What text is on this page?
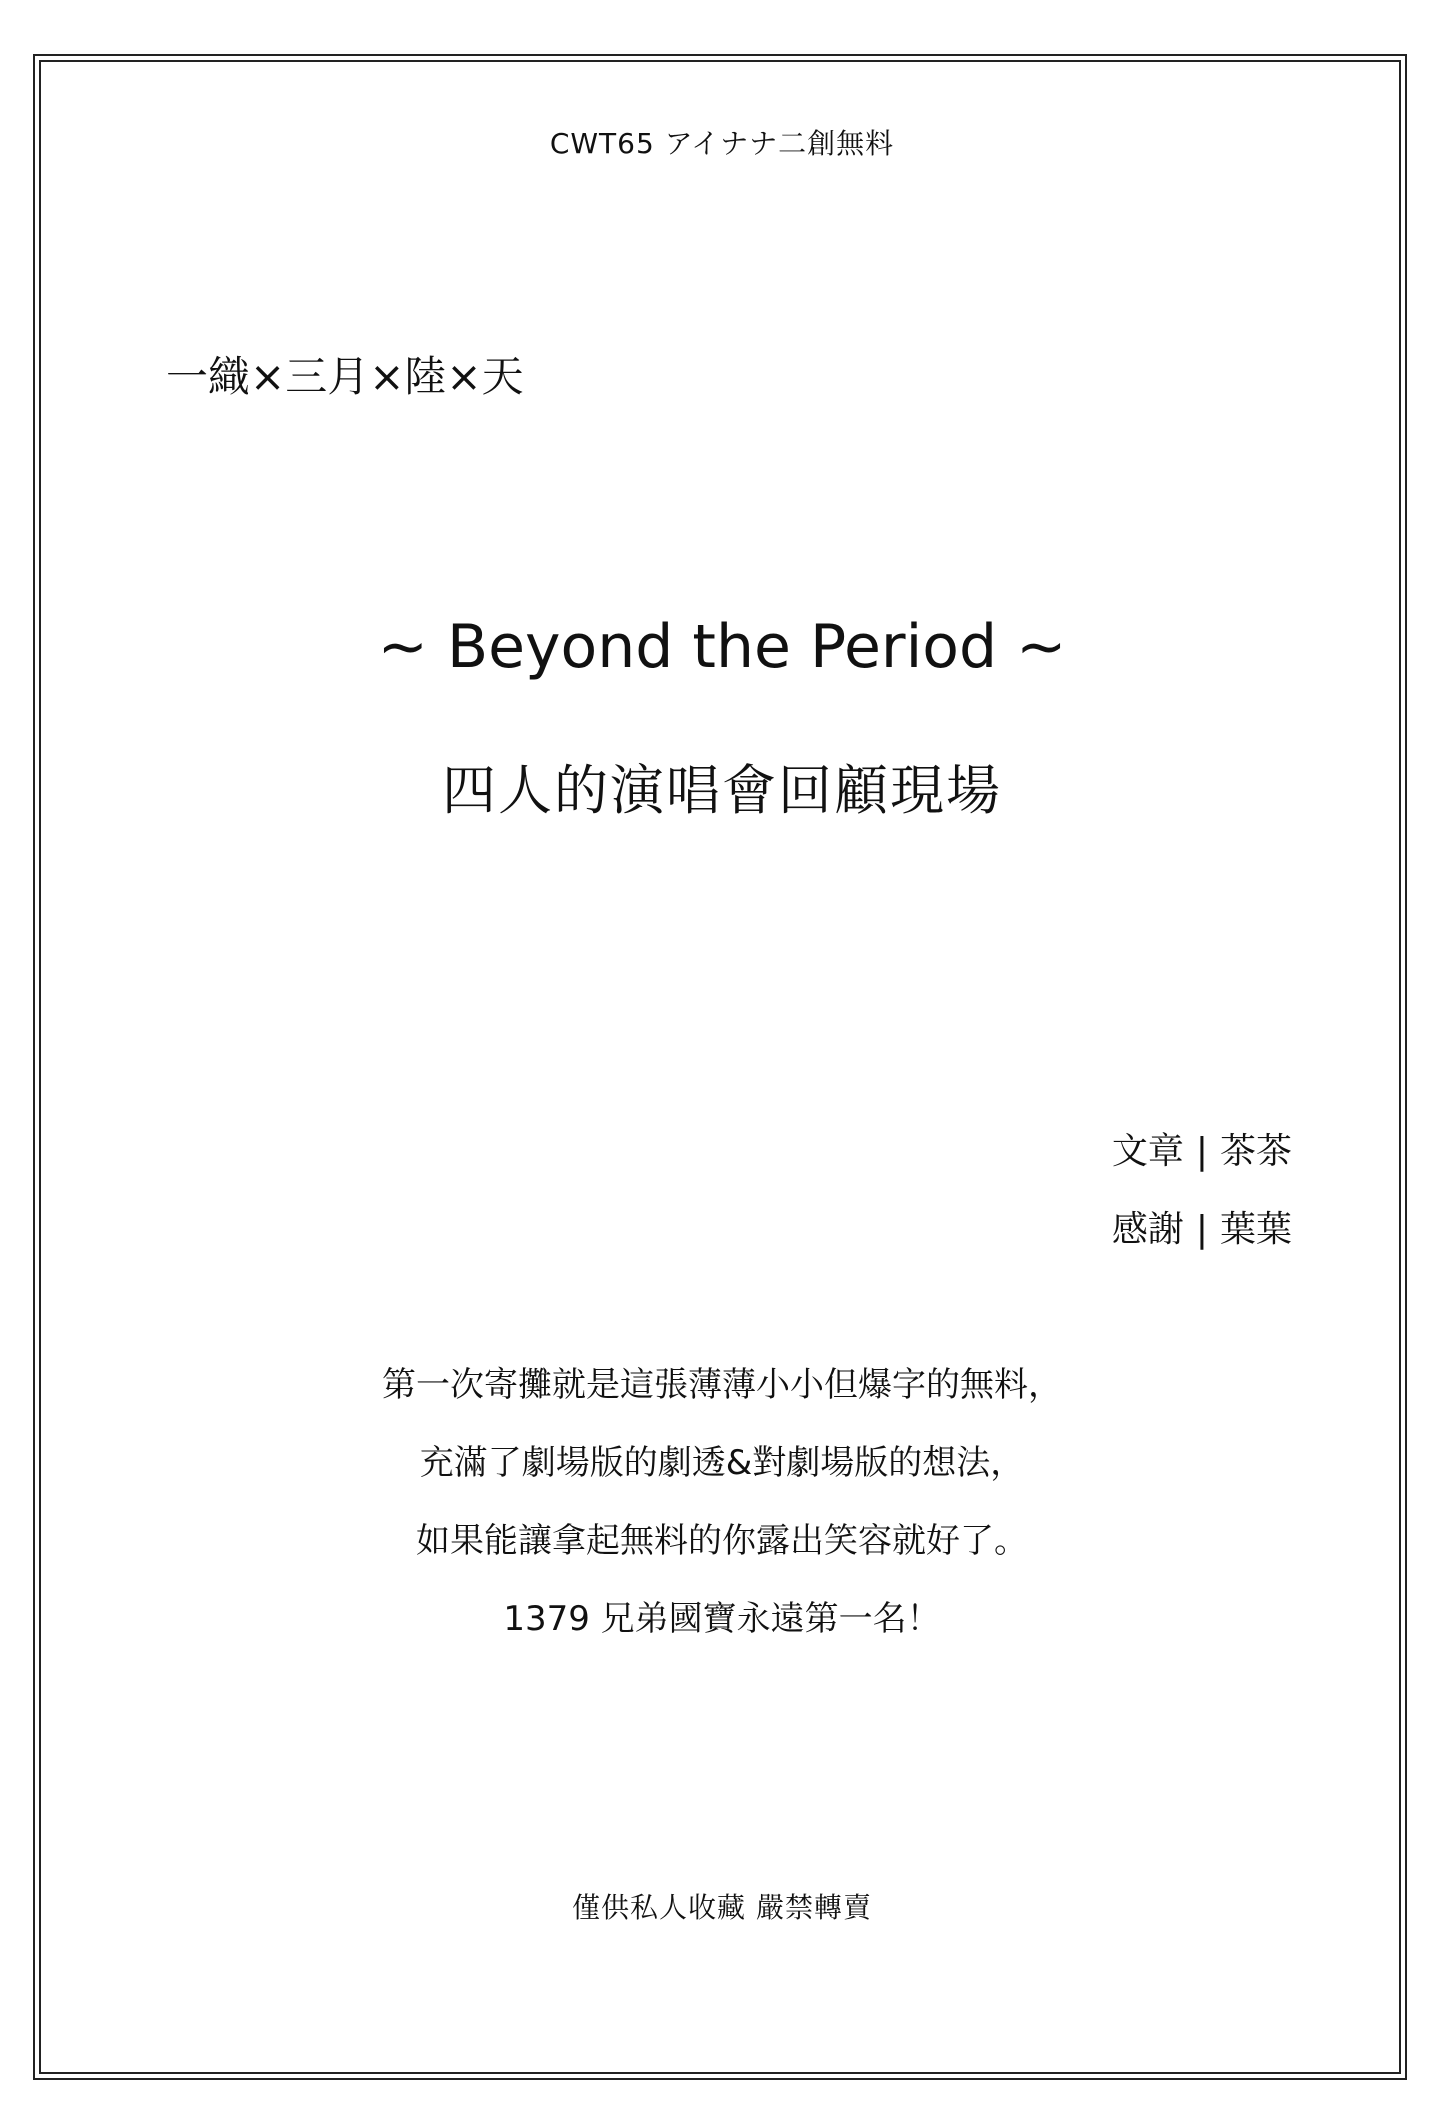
CWT65 アイナナ二創無料
一織×三月×陸×天
~ Beyond the Period ~
四人的演唱會回顧現場
文章 | 茶茶
感謝 | 葉葉
第一次寄攤就是這張薄薄小小但爆字的無料，
充滿了劇場版的劇透&對劇場版的想法，
如果能讓拿起無料的你露出笑容就好了。
1379 兄弟國寶永遠第一名！
僅供私人收藏 嚴禁轉賣
